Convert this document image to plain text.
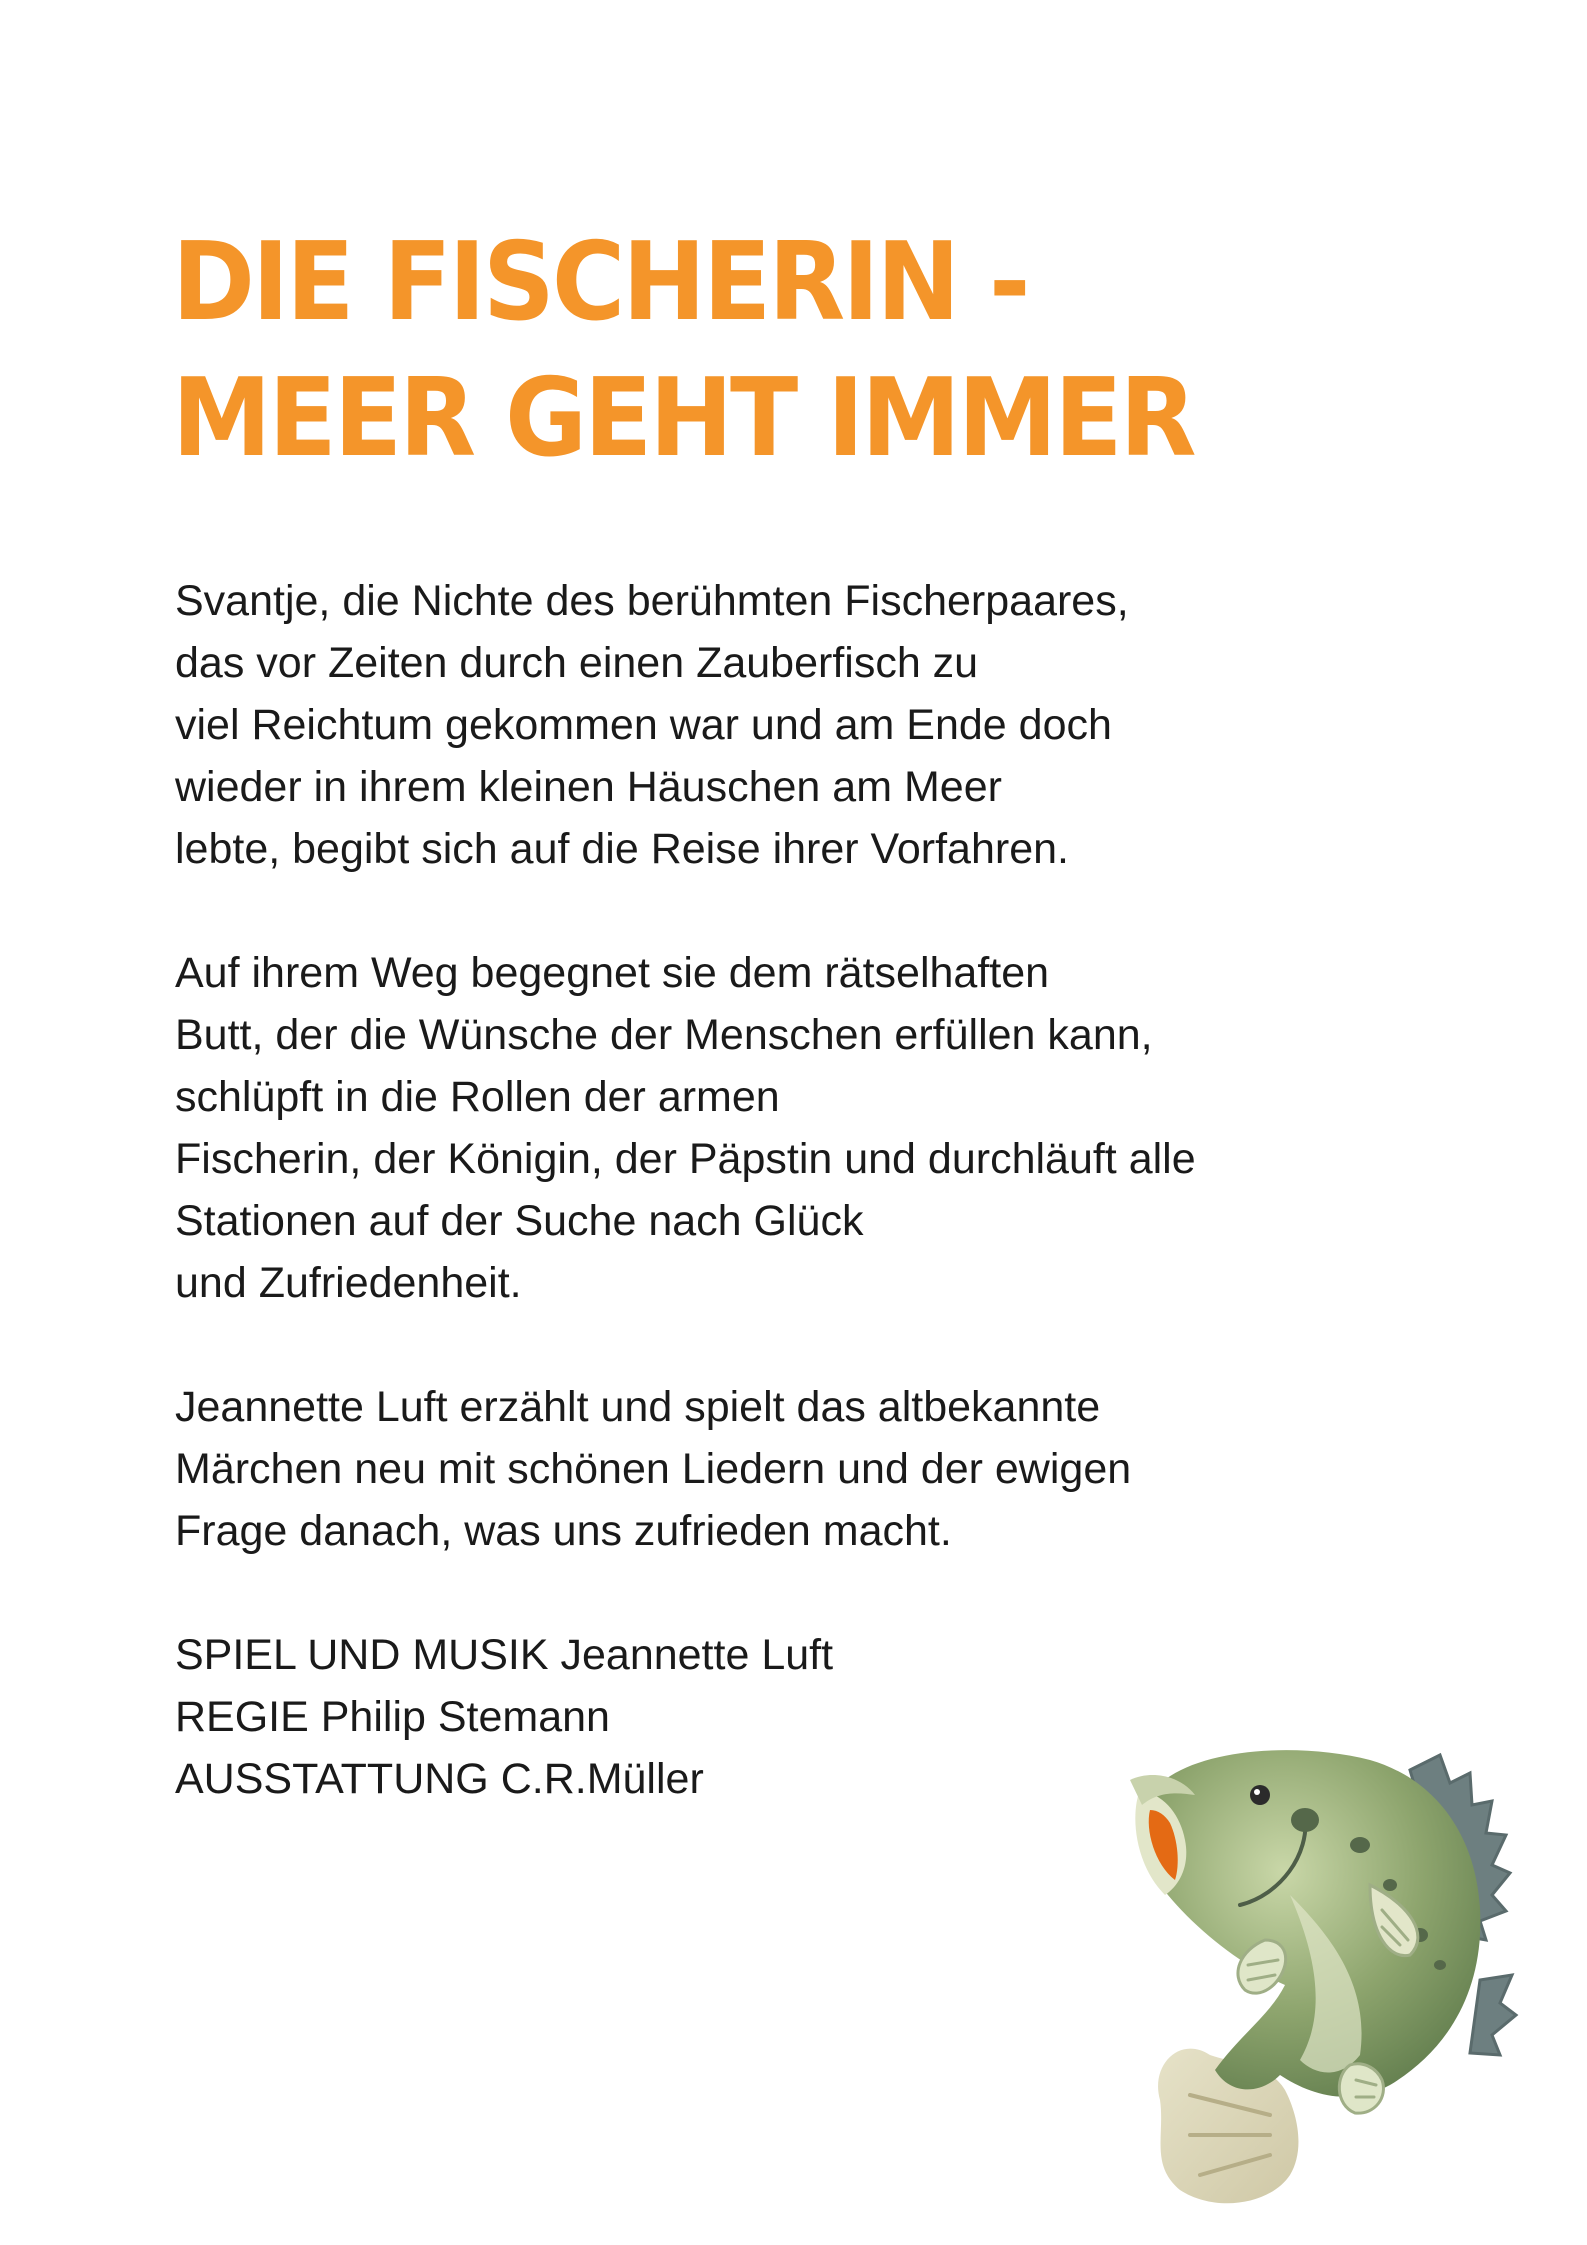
DIE FISCHERIN -
MEER GEHT IMMER

Svantje, die Nichte des berühmten Fischerpaares,
das vor Zeiten durch einen Zauberfisch zu
viel Reichtum gekommen war und am Ende doch
wieder in ihrem kleinen Häuschen am Meer
lebte, begibt sich auf die Reise ihrer Vorfahren.

Auf ihrem Weg begegnet sie dem rätselhaften
Butt, der die Wünsche der Menschen erfüllen kann,
schlüpft in die Rollen der armen
Fischerin, der Königin, der Päpstin und durchläuft alle
Stationen auf der Suche nach Glück
und Zufriedenheit.

Jeannette Luft erzählt und spielt das altbekannte
Märchen neu mit schönen Liedern und der ewigen
Frage danach, was uns zufrieden macht.

SPIEL UND MUSIK Jeannette Luft
REGIE Philip Stemann
AUSSTATTUNG C.R.Müller
